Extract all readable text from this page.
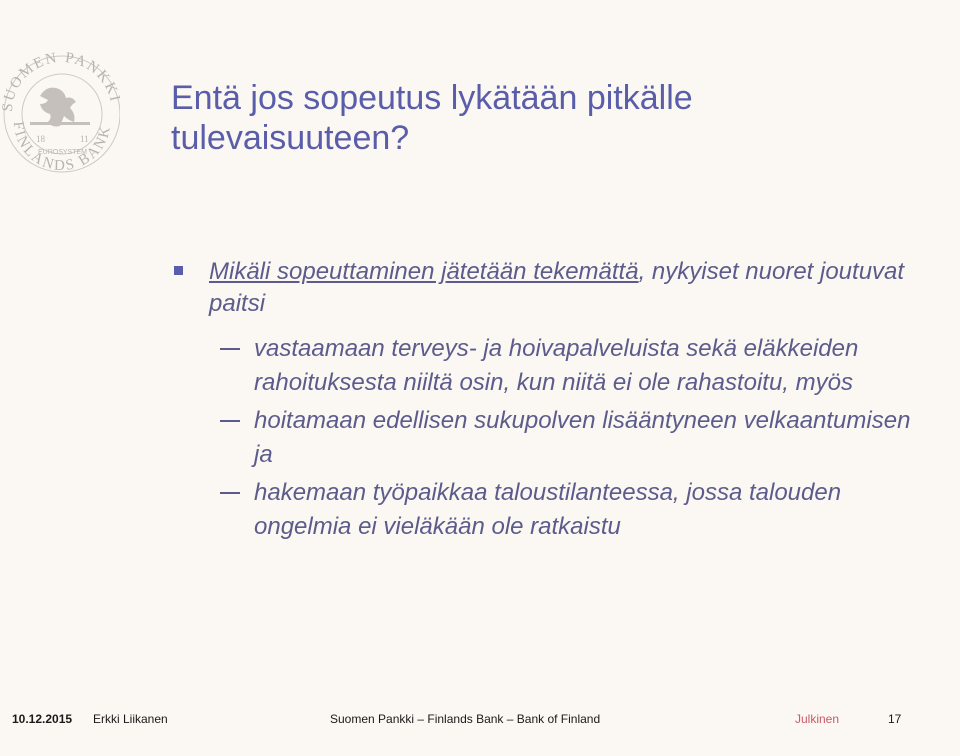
SUOMEN PANKK
FINLANDS BANK
18	11
EUROSYSTEM
Entä jos sopeutus lykätään pitkälle tulevaisuuteen?
Mikäli sopeuttaminen jätetään tekemättä, nykyiset nuoret joutuvat paitsi
vastaamaan terveys- ja hoivapalveluista sekä eläkkeiden rahoituksesta niiltä osin, kun niitä ei ole rahastoitu, myös
hoitamaan edellisen sukupolven lisääntyneen velkaantumisen ja
hakemaan työpaikkaa taloustilanteessa, jossa talouden ongelmia ei vieläkään ole ratkaistu
10.12.2015 Erkki Liikanen	Suomen Pankki – Finlands Bank – Bank of Finland	Julkinen	17
